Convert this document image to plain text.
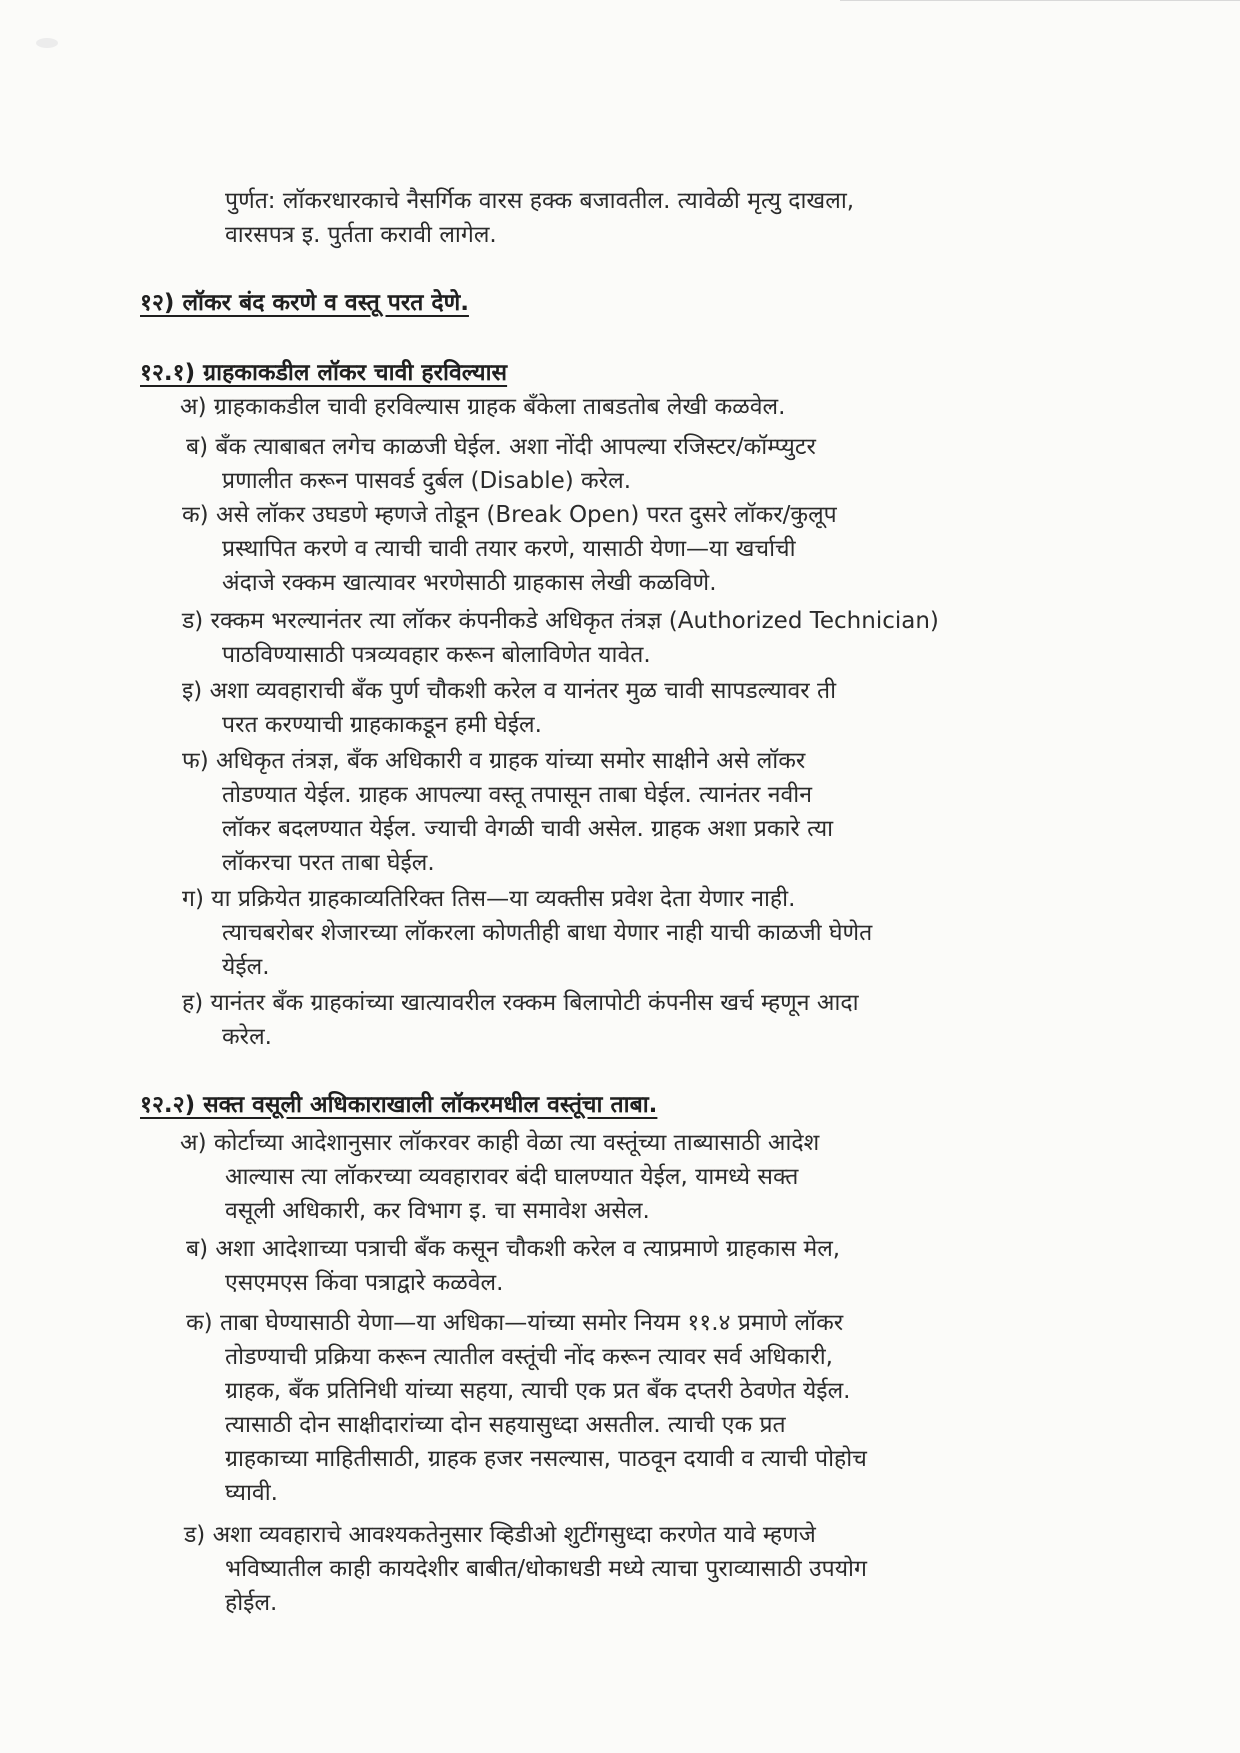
पुर्णत: लॉकरधारकाचे नैसर्गिक वारस हक्क बजावतील. त्यावेळी मृत्यु दाखला,
वारसपत्र इ. पुर्तता करावी लागेल.
१२) लॉकर बंद करणे व वस्तू परत देणे.
१२.१) ग्राहकाकडील लॉकर चावी हरविल्यास
अ) ग्राहकाकडील चावी हरविल्यास ग्राहक बँकेला ताबडतोब लेखी कळवेल.
ब) बँक त्याबाबत लगेच काळजी घेईल. अशा नोंदी आपल्या रजिस्टर/कॉम्प्युटर
प्रणालीत करून पासवर्ड दुर्बल (Disable) करेल.
क) असे लॉकर उघडणे म्हणजे तोडून (Break Open) परत दुसरे लॉकर/कुलूप
प्रस्थापित करणे व त्याची चावी तयार करणे, यासाठी येणा—या खर्चाची
अंदाजे रक्कम खात्यावर भरणेसाठी ग्राहकास लेखी कळविणे.
ड) रक्कम भरल्यानंतर त्या लॉकर कंपनीकडे अधिकृत तंत्रज्ञ (Authorized Technician)
पाठविण्यासाठी पत्रव्यवहार करून बोलाविणेत यावेत.
इ) अशा व्यवहाराची बँक पुर्ण चौकशी करेल व यानंतर मुळ चावी सापडल्यावर ती
परत करण्याची ग्राहकाकडून हमी घेईल.
फ) अधिकृत तंत्रज्ञ, बँक अधिकारी व ग्राहक यांच्या समोर साक्षीने असे लॉकर
तोडण्यात येईल. ग्राहक आपल्या वस्तू तपासून ताबा घेईल. त्यानंतर नवीन
लॉकर बदलण्यात येईल. ज्याची वेगळी चावी असेल. ग्राहक अशा प्रकारे त्या
लॉकरचा परत ताबा घेईल.
ग) या प्रक्रियेत ग्राहकाव्यतिरिक्त तिस—या व्यक्तीस प्रवेश देता येणार नाही.
त्याचबरोबर शेजारच्या लॉकरला कोणतीही बाधा येणार नाही याची काळजी घेणेत
येईल.
ह) यानंतर बँक ग्राहकांच्या खात्यावरील रक्कम बिलापोटी कंपनीस खर्च म्हणून आदा
करेल.
१२.२) सक्त वसूली अधिकाराखाली लॉकरमधील वस्तूंचा ताबा.
अ) कोर्टाच्या आदेशानुसार लॉकरवर काही वेळा त्या वस्तूंच्या ताब्यासाठी आदेश
आल्यास त्या लॉकरच्या व्यवहारावर बंदी घालण्यात येईल, यामध्ये सक्त
वसूली अधिकारी, कर विभाग इ. चा समावेश असेल.
ब) अशा आदेशाच्या पत्राची बँक कसून चौकशी करेल व त्याप्रमाणे ग्राहकास मेल,
एसएमएस किंवा पत्राद्वारे कळवेल.
क) ताबा घेण्यासाठी येणा—या अधिका—यांच्या समोर नियम ११.४ प्रमाणे लॉकर
तोडण्याची प्रक्रिया करून त्यातील वस्तूंची नोंद करून त्यावर सर्व अधिकारी,
ग्राहक, बँक प्रतिनिधी यांच्या सहया, त्याची एक प्रत बँक दप्तरी ठेवणेत येईल.
त्यासाठी दोन साक्षीदारांच्या दोन सहयासुध्दा असतील. त्याची एक प्रत
ग्राहकाच्या माहितीसाठी, ग्राहक हजर नसल्यास, पाठवून दयावी व त्याची पोहोच
घ्यावी.
ड) अशा व्यवहाराचे आवश्यकतेनुसार व्हिडीओ शुटींगसुध्दा करणेत यावे म्हणजे
भविष्यातील काही कायदेशीर बाबीत/धोकाधडी मध्ये त्याचा पुराव्यासाठी उपयोग
होईल.
